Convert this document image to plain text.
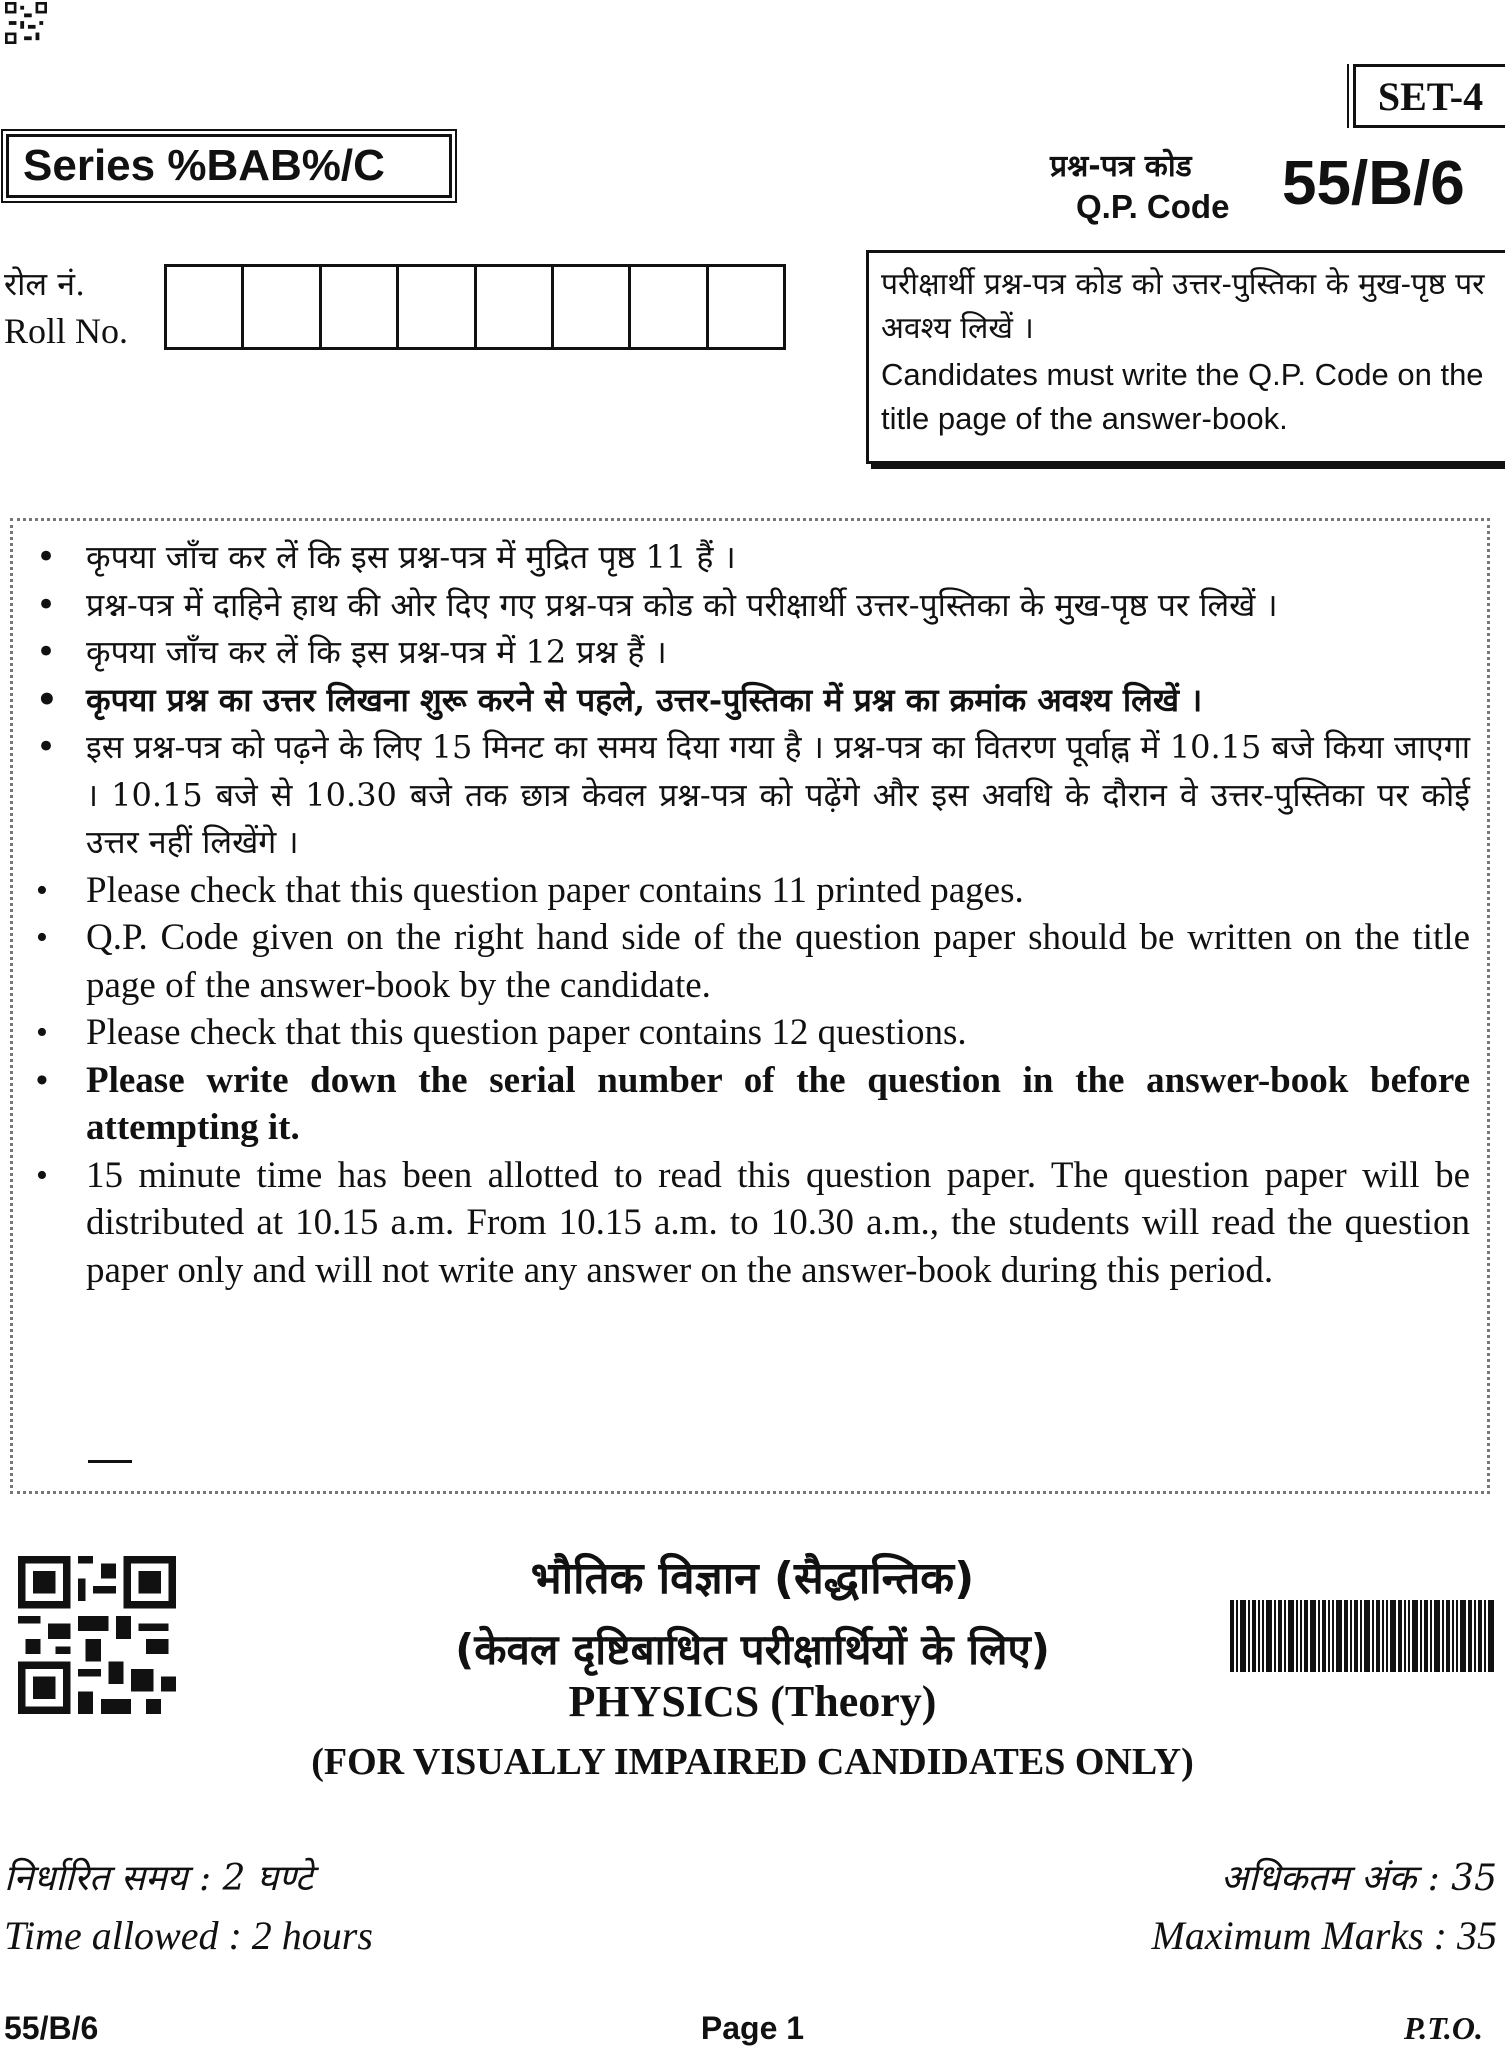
SET-4
Series %BAB%/C	प्रश्न-पत्र कोड
Q.P. Code 55/B/6
रोल नं.
Roll No.
परीक्षार्थी प्रश्न-पत्र कोड को उत्तर-पुस्तिका के मुख-पृष्ठ पर अवश्य लिखें ।
Candidates must write the Q.P. Code on the title page of the answer-book.
• कृपया जाँच कर लें कि इस प्रश्न-पत्र में मुद्रित पृष्ठ 11 हैं ।
• प्रश्न-पत्र में दाहिने हाथ की ओर दिए गए प्रश्न-पत्र कोड को परीक्षार्थी उत्तर-पुस्तिका के मुख-पृष्ठ पर लिखें ।
• कृपया जाँच कर लें कि इस प्रश्न-पत्र में 12 प्रश्न हैं ।
• कृपया प्रश्न का उत्तर लिखना शुरू करने से पहले, उत्तर-पुस्तिका में प्रश्न का क्रमांक अवश्य लिखें ।
• इस प्रश्न-पत्र को पढ़ने के लिए 15 मिनट का समय दिया गया है । प्रश्न-पत्र का वितरण पूर्वाह्न में 10.15 बजे किया जाएगा । 10.15 बजे से 10.30 बजे तक छात्र केवल प्रश्न-पत्र को पढ़ेंगे और इस अवधि के दौरान वे उत्तर-पुस्तिका पर कोई उत्तर नहीं लिखेंगे ।
• Please check that this question paper contains 11 printed pages.
• Q.P. Code given on the right hand side of the question paper should be written on the title page of the answer-book by the candidate.
• Please check that this question paper contains 12 questions.
• Please write down the serial number of the question in the answer-book before attempting it.
• 15 minute time has been allotted to read this question paper. The question paper will be distributed at 10.15 a.m. From 10.15 a.m. to 10.30 a.m., the students will read the question paper only and will not write any answer on the answer-book during this period.
भौतिक विज्ञान (सैद्धान्तिक)
(केवल दृष्टिबाधित परीक्षार्थियों के लिए)
PHYSICS (Theory)
(FOR VISUALLY IMPAIRED CANDIDATES ONLY)
निर्धारित समय : 2 घण्टे
Time allowed : 2 hours
अधिकतम अंक : 35
Maximum Marks : 35
55/B/6	Page 1	P.T.O.
